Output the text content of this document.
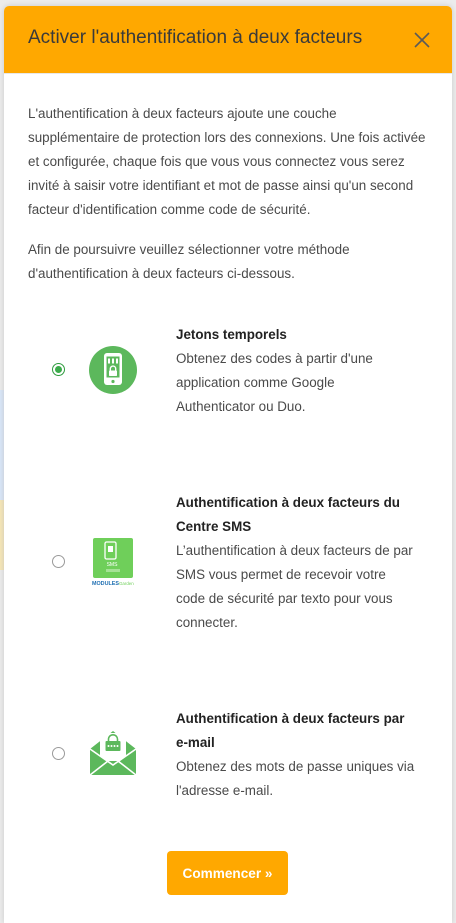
Activer l'authentification à deux facteurs

L'authentification à deux facteurs ajoute une couche supplémentaire de protection lors des connexions. Une fois activée et configurée, chaque fois que vous vous connectez vous serez invité à saisir votre identifiant et mot de passe ainsi qu'un second facteur d'identification comme code de sécurité.

Afin de poursuivre veuillez sélectionner votre méthode d'authentification à deux facteurs ci-dessous.

Jetons temporels
Obtenez des codes à partir d'une application comme Google Authenticator ou Duo.
SMS
MODULES Garden
Authentification à deux facteurs du Centre SMS
L’authentification à deux facteurs de par SMS vous permet de recevoir votre code de sécurité par texto pour vous connecter.
Authentification à deux facteurs par e-mail
Obtenez des mots de passe uniques via l'adresse e-mail.
Commencer »
